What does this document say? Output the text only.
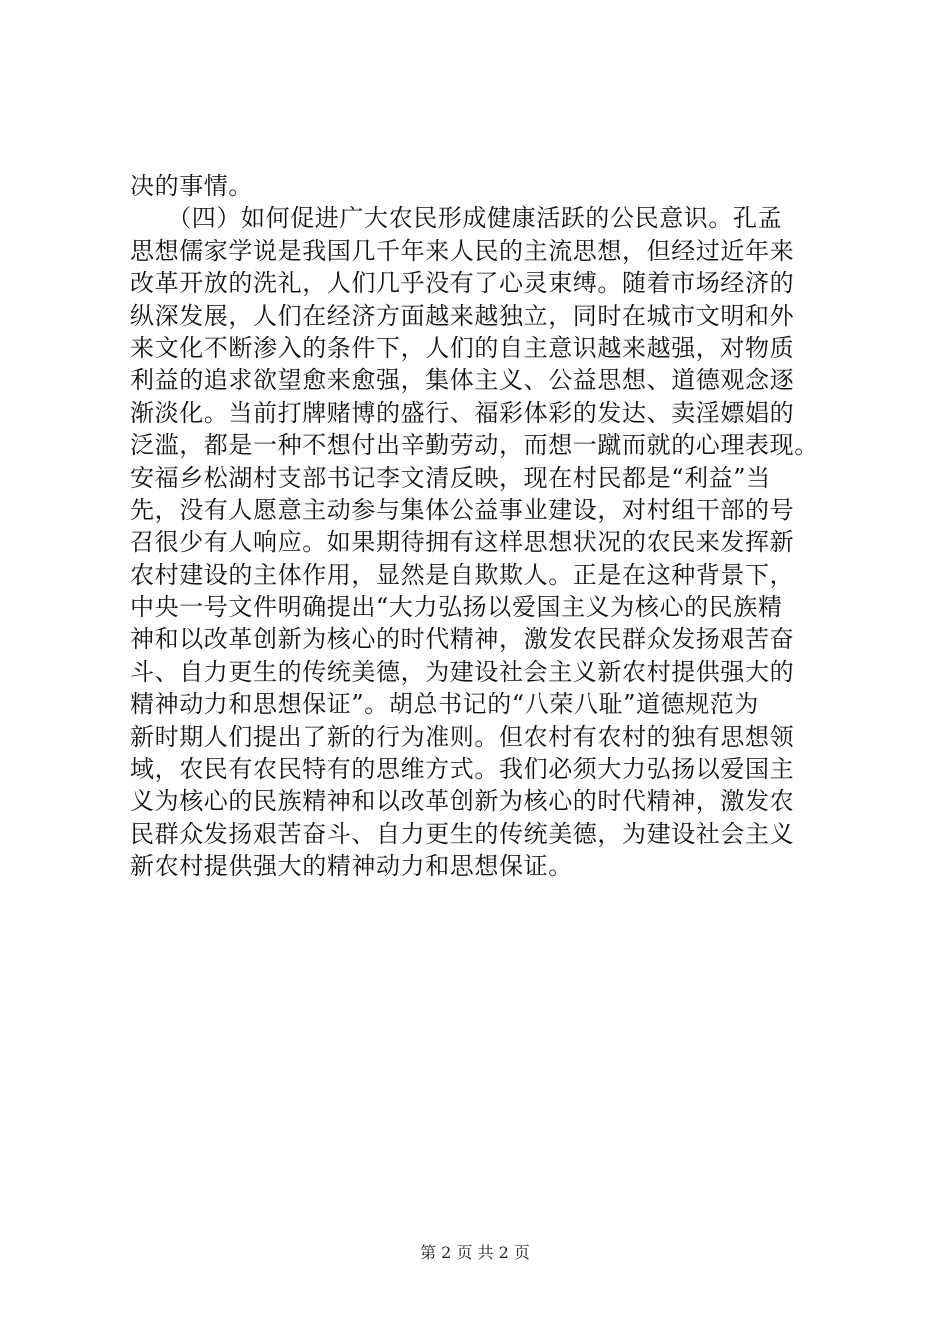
决的事情。
　　（四）如何促进广大农民形成健康活跃的公民意识。孔孟
思想儒家学说是我国几千年来人民的主流思想，但经过近年来
改革开放的洗礼，人们几乎没有了心灵束缚。随着市场经济的
纵深发展，人们在经济方面越来越独立，同时在城市文明和外
来文化不断渗入的条件下，人们的自主意识越来越强，对物质
利益的追求欲望愈来愈强，集体主义、公益思想、道德观念逐
渐淡化。当前打牌赌博的盛行、福彩体彩的发达、卖淫嫖娼的
泛滥，都是一种不想付出辛勤劳动，而想一蹴而就的心理表现。
安福乡松湖村支部书记李文清反映，现在村民都是“利益”当
先，没有人愿意主动参与集体公益事业建设，对村组干部的号
召很少有人响应。如果期待拥有这样思想状况的农民来发挥新
农村建设的主体作用，显然是自欺欺人。正是在这种背景下，
中央一号文件明确提出“大力弘扬以爱国主义为核心的民族精
神和以改革创新为核心的时代精神，激发农民群众发扬艰苦奋
斗、自力更生的传统美德，为建设社会主义新农村提供强大的
精神动力和思想保证”。胡总书记的“八荣八耻”道德规范为
新时期人们提出了新的行为准则。但农村有农村的独有思想领
域，农民有农民特有的思维方式。我们必须大力弘扬以爱国主
义为核心的民族精神和以改革创新为核心的时代精神，激发农
民群众发扬艰苦奋斗、自力更生的传统美德，为建设社会主义
新农村提供强大的精神动力和思想保证。
第 2 页 共 2 页
